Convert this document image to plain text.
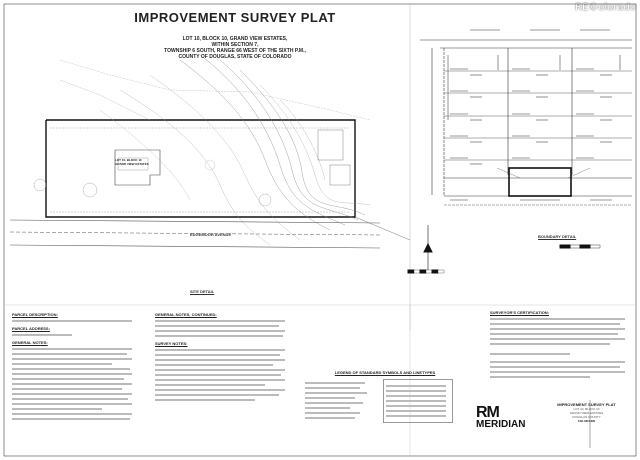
IMPROVEMENT SURVEY PLAT
LOT 10, BLOCK 10, GRAND VIEW ESTATES,
WITHIN SECTION 7,
TOWNSHIP 6 SOUTH, RANGE 66 WEST OF THE SIXTH P.M.,
COUNTY OF DOUGLAS, STATE OF COLORADO
RE©olorado
EDGEMOOR AVENUE
SITE DETAIL
BOUNDARY DETAIL
LOT 10, BLOCK 10
GRAND VIEW ESTATES
PARCEL DESCRIPTION:
PARCEL ADDRESS:
GENERAL NOTES:
GENERAL NOTES, CONTINUED:
SURVEY NOTES:
LEGEND OF STANDARD SYMBOLS AND LINETYPES
SURVEYOR'S CERTIFICATION:
RM
MERIDIAN
IMPROVEMENT SURVEY PLAT
LOT 10, BLOCK 10
GRAND VIEW ESTATES
DOUGLAS COUNTY
COLORADO
